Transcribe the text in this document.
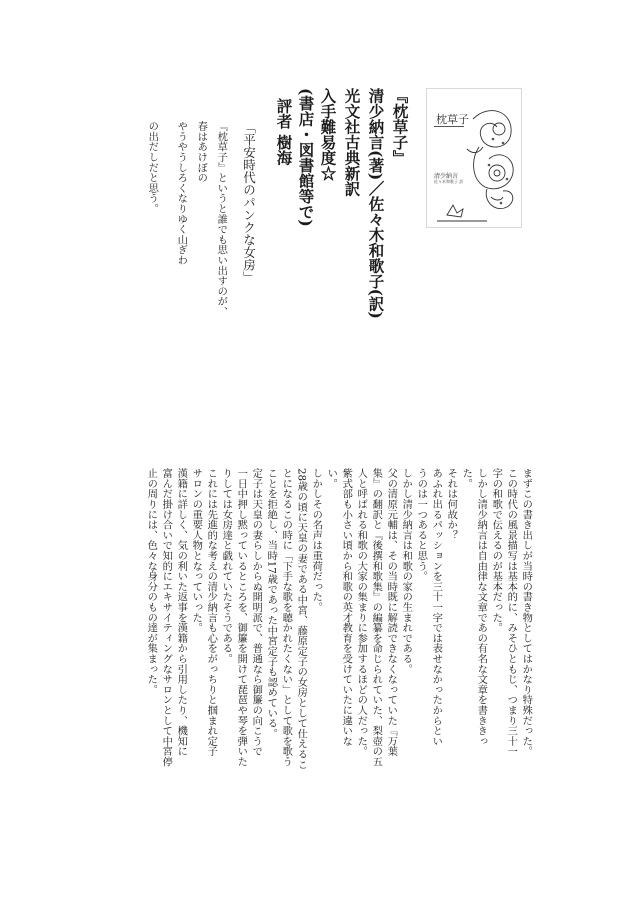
枕草子
清少納言
佐々木和歌子 訳
『枕草子』
清少納言(著)／佐々木和歌子(訳)
光文社古典新訳
入手難易度☆
(書店・図書館等で)
評者 樹海
「平安時代のパンクな女房」
『枕草子』というと誰でも思い出すのが、
春はあけぼの
やうやうしろくなりゆく山ぎわ
の出だしだと思う。
まずこの書き出しが当時の書き物としてはかなり特殊だった。
この時代の風景描写は基本的に、みそひともじ、つまり三十一
字の和歌で伝えるのが基本だった。
しかし清少納言は自由律な文章であの有名な文章を書ききっ
た。
それは何故か？
あふれ出るパッションを三十一字では表せなかったからとい
うのは一つあると思う。
しかし清少納言は和歌の家の生まれである。
父の清原元輔は、その当時既に解読できなくなっていた『万葉
集』の翻訳と『後撰和歌集』の編纂を命じられていた、梨壺の五
人と呼ばれる和歌の大家の集まりに参加するほどの人だった。
紫式部も小さい頃から和歌の英才教育を受けていたに違いな
い。
しかしその名声は重荷だった。
28歳の頃に天皇の妻である中宮、藤原定子の女房として仕えるこ
とになるこの時に「下手な歌を聴かれたくない」として歌を歌う
ことを拒絶し、当時17歳であった中宮定子も認めている。
定子は天皇の妻らしからぬ開明派で、普通なら御簾の向こうで
一日中押し黙っているところを、御簾を開けて琵琶や琴を弾いた
りしては女房達と戯れていたそうである。
これには先進的な考えの清少納言も心をがっちりと掴まれ定子
サロンの重要人物となっていった。
漢籍に詳しく、気の利いた返事を漢籍から引用したり、機知に
富んだ掛け合いで知的にエキサイティングなサロンとして中宮停
止の周りには、色々な身分のもの達が集まった。
